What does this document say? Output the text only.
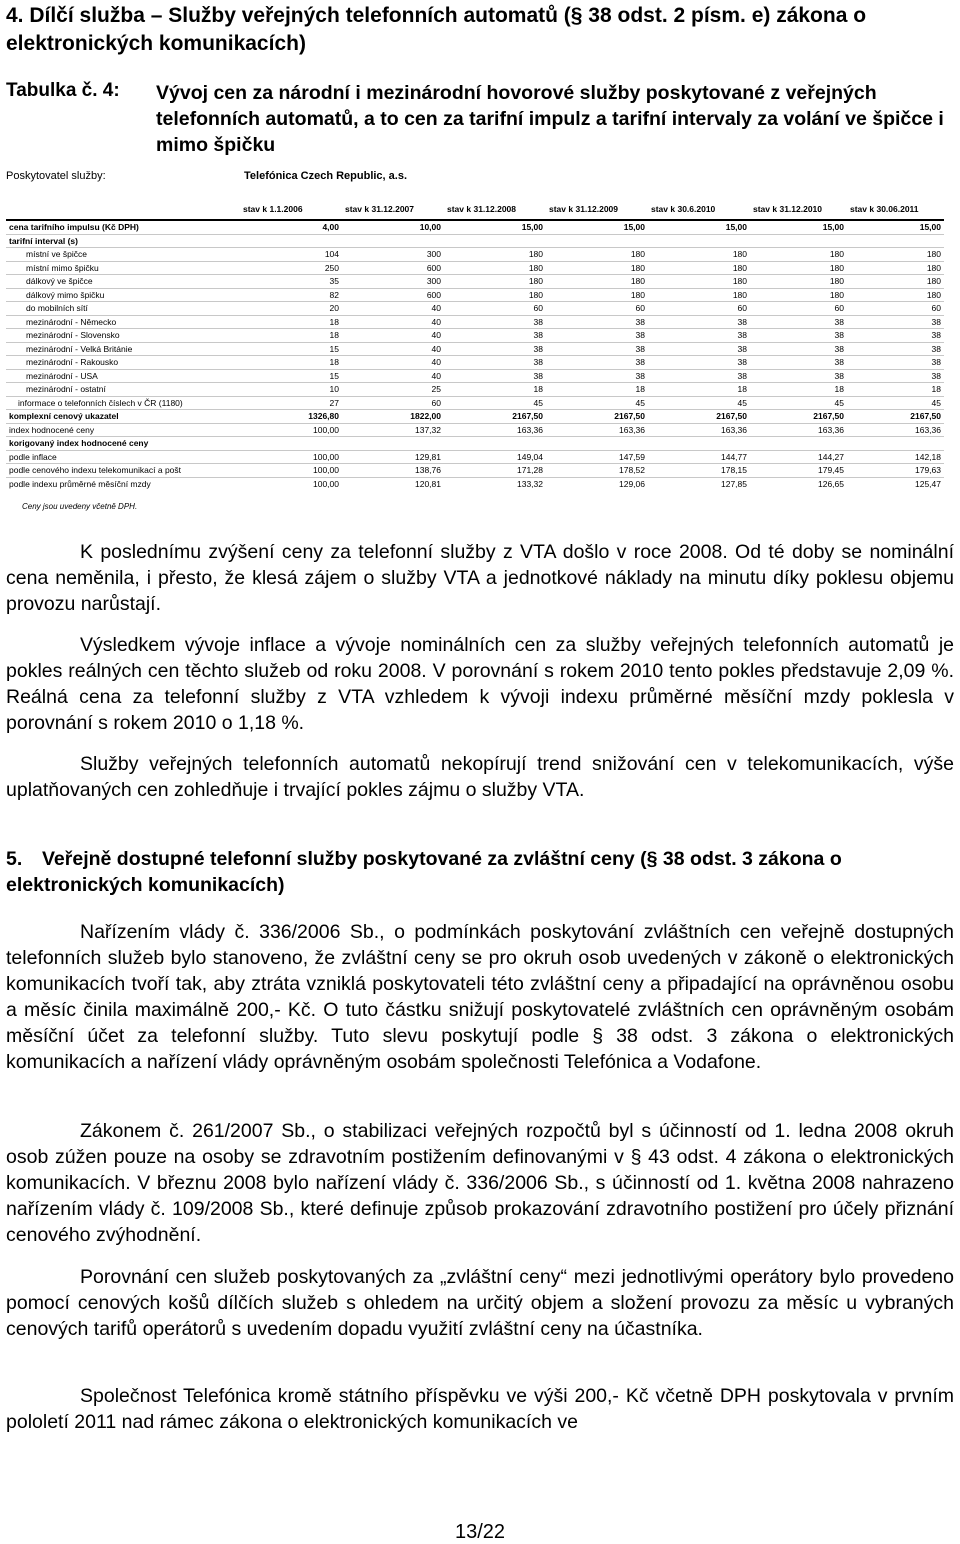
4. Dílčí služba – Služby veřejných telefonních automatů (§ 38 odst. 2 písm. e) zákona o elektronických komunikacích)
Tabulka č. 4: Vývoj cen za národní i mezinárodní hovorové služby poskytované z veřejných telefonních automatů, a to cen za tarifní impulz a tarifní intervaly za volání ve špičce i mimo špičku
Poskytovatel služby:	Telefónica Czech Republic, a.s.
	stav k 1.1.2006	stav k 31.12.2007	stav k 31.12.2008	stav k 31.12.2009	stav k 30.6.2010	stav k 31.12.2010	stav k 30.06.2011
cena tarifního impulsu (Kč DPH)	4,00	10,00	15,00	15,00	15,00	15,00	15,00
tarifní interval (s)							
místní ve špičce	104	300	180	180	180	180	180
místní mimo špičku	250	600	180	180	180	180	180
dálkový ve špičce	35	300	180	180	180	180	180
dálkový mimo špičku	82	600	180	180	180	180	180
do mobilních sítí	20	40	60	60	60	60	60
mezinárodní - Německo	18	40	38	38	38	38	38
mezinárodní - Slovensko	18	40	38	38	38	38	38
mezinárodní - Velká Británie	15	40	38	38	38	38	38
mezinárodní - Rakousko	18	40	38	38	38	38	38
mezinárodní - USA	15	40	38	38	38	38	38
mezinárodní - ostatní	10	25	18	18	18	18	18
informace o telefonních číslech v ČR (1180)	27	60	45	45	45	45	45
komplexní cenový ukazatel	1326,80	1822,00	2167,50	2167,50	2167,50	2167,50	2167,50
index hodnocené ceny	100,00	137,32	163,36	163,36	163,36	163,36	163,36
korigovaný index hodnocené ceny							
podle inflace	100,00	129,81	149,04	147,59	144,77	144,27	142,18
podle cenového indexu telekomunikací a pošt	100,00	138,76	171,28	178,52	178,15	179,45	179,63
podle indexu průměrné měsíční mzdy	100,00	120,81	133,32	129,06	127,85	126,65	125,47
Ceny jsou uvedeny včetně DPH.

K poslednímu zvýšení ceny za telefonní služby z VTA došlo v roce 2008. Od té doby se nominální cena neměnila, i přesto, že klesá zájem o služby VTA a jednotkové náklady na minutu díky poklesu objemu provozu narůstají.

Výsledkem vývoje inflace a vývoje nominálních cen za služby veřejných telefonních automatů je pokles reálných cen těchto služeb od roku 2008. V porovnání s rokem 2010 tento pokles představuje 2,09 %. Reálná cena za telefonní služby z VTA vzhledem k vývoji indexu průměrné měsíční mzdy poklesla v porovnání s rokem 2010 o 1,18 %.

Služby veřejných telefonních automatů nekopírují trend snižování cen v telekomunikacích, výše uplatňovaných cen zohledňuje i trvající pokles zájmu o služby VTA.

5. Veřejně dostupné telefonní služby poskytované za zvláštní ceny (§ 38 odst. 3 zákona o elektronických komunikacích)

Nařízením vlády č. 336/2006 Sb., o podmínkách poskytování zvláštních cen veřejně dostupných telefonních služeb bylo stanoveno, že zvláštní ceny se pro okruh osob uvedených v zákoně o elektronických komunikacích tvoří tak, aby ztráta vzniklá poskytovateli této zvláštní ceny a připadající na oprávněnou osobu a měsíc činila maximálně 200,- Kč. O tuto částku snižují poskytovatelé zvláštních cen oprávněným osobám měsíční účet za telefonní služby. Tuto slevu poskytují podle § 38 odst. 3 zákona o elektronických komunikacích a nařízení vlády oprávněným osobám společnosti Telefónica a Vodafone.

Zákonem č. 261/2007 Sb., o stabilizaci veřejných rozpočtů byl s účinností od 1. ledna 2008 okruh osob zúžen pouze na osoby se zdravotním postižením definovanými v § 43 odst. 4 zákona o elektronických komunikacích. V březnu 2008 bylo nařízení vlády č. 336/2006 Sb., s účinností od 1. května 2008 nahrazeno nařízením vlády č. 109/2008 Sb., které definuje způsob prokazování zdravotního postižení pro účely přiznání cenového zvýhodnění.

Porovnání cen služeb poskytovaných za „zvláštní ceny“ mezi jednotlivými operátory bylo provedeno pomocí cenových košů dílčích služeb s ohledem na určitý objem a složení provozu za měsíc u vybraných cenových tarifů operátorů s uvedením dopadu využití zvláštní ceny na účastníka.

Společnost Telefónica kromě státního příspěvku ve výši 200,- Kč včetně DPH poskytovala v prvním pololetí 2011 nad rámec zákona o elektronických komunikacích ve

13/22
